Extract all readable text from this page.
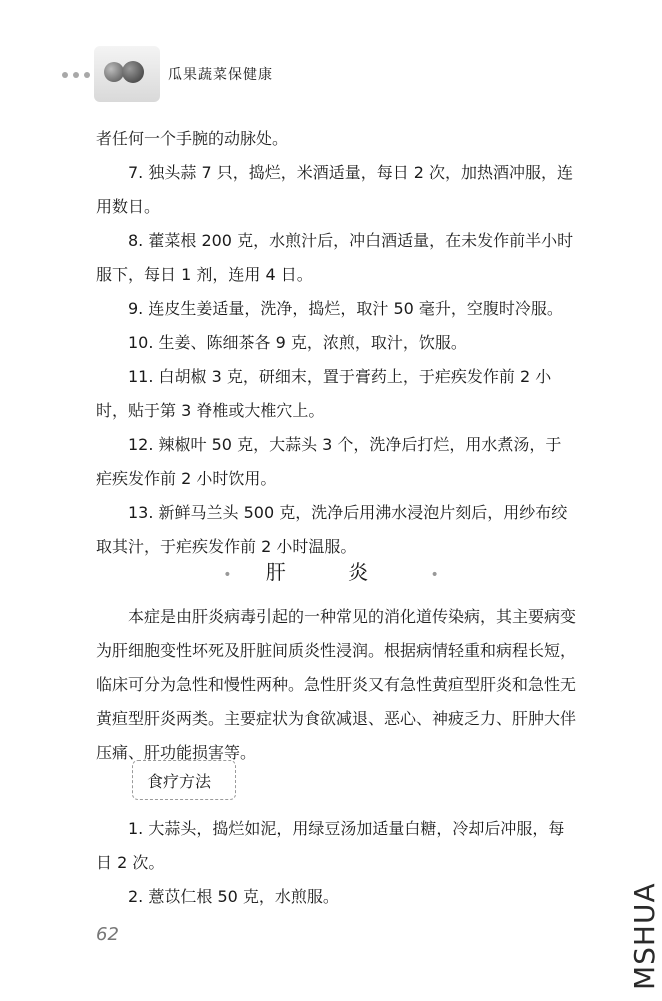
瓜果蔬菜保健康

者任何一个手腕的动脉处。

7. 独头蒜 7 只，捣烂，米酒适量，每日 2 次，加热酒冲服，连用数日。

8. 藿菜根 200 克，水煎汁后，冲白酒适量，在未发作前半小时服下，每日 1 剂，连用 4 日。

9. 连皮生姜适量，洗净，捣烂，取汁 50 毫升，空腹时冷服。

10. 生姜、陈细茶各 9 克，浓煎，取汁，饮服。

11. 白胡椒 3 克，研细末，置于膏药上，于疟疾发作前 2 小时，贴于第 3 脊椎或大椎穴上。

12. 辣椒叶 50 克，大蒜头 3 个，洗净后打烂，用水煮汤，于疟疾发作前 2 小时饮用。

13. 新鲜马兰头 500 克，洗净后用沸水浸泡片刻后，用纱布绞取其汁，于疟疾发作前 2 小时温服。

• 肝 炎 •

本症是由肝炎病毒引起的一种常见的消化道传染病，其主要病变为肝细胞变性坏死及肝脏间质炎性浸润。根据病情轻重和病程长短，临床可分为急性和慢性两种。急性肝炎又有急性黄疸型肝炎和急性无黄疸型肝炎两类。主要症状为食欲减退、恶心、神疲乏力、肝肿大伴压痛、肝功能损害等。

食疗方法

1. 大蒜头，捣烂如泥，用绿豆汤加适量白糖，冷却后冲服，每日 2 次。

2. 薏苡仁根 50 克，水煎服。

62	MSHUA
